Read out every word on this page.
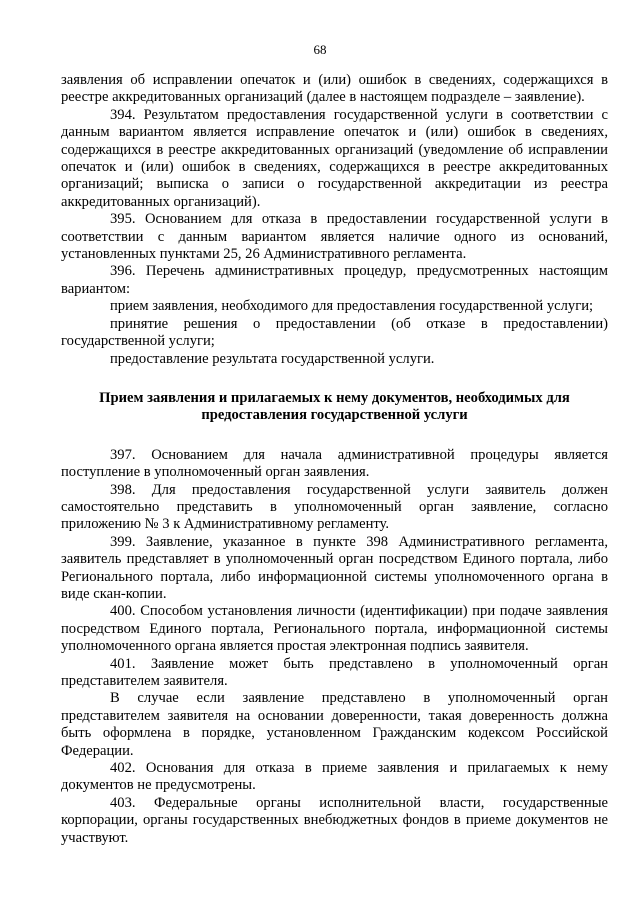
68

заявления об исправлении опечаток и (или) ошибок в сведениях, содержащихся в реестре аккредитованных организаций (далее в настоящем подразделе – заявление).

394. Результатом предоставления государственной услуги в соответствии с данным вариантом является исправление опечаток и (или) ошибок в сведениях, содержащихся в реестре аккредитованных организаций (уведомление об исправлении опечаток и (или) ошибок в сведениях, содержащихся в реестре аккредитованных организаций; выписка о записи о государственной аккредитации из реестра аккредитованных организаций).

395. Основанием для отказа в предоставлении государственной услуги в соответствии с данным вариантом является наличие одного из оснований, установленных пунктами 25, 26 Административного регламента.

396. Перечень административных процедур, предусмотренных настоящим вариантом:

прием заявления, необходимого для предоставления государственной услуги;

принятие решения о предоставлении (об отказе в предоставлении) государственной услуги;

предоставление результата государственной услуги.

Прием заявления и прилагаемых к нему документов, необходимых для предоставления государственной услуги

397. Основанием для начала административной процедуры является поступление в уполномоченный орган заявления.

398. Для предоставления государственной услуги заявитель должен самостоятельно представить в уполномоченный орган заявление, согласно приложению № 3 к Административному регламенту.

399. Заявление, указанное в пункте 398 Административного регламента, заявитель представляет в уполномоченный орган посредством Единого портала, либо Регионального портала, либо информационной системы уполномоченного органа в виде скан-копии.

400. Способом установления личности (идентификации) при подаче заявления посредством Единого портала, Регионального портала, информационной системы уполномоченного органа является простая электронная подпись заявителя.

401. Заявление может быть представлено в уполномоченный орган представителем заявителя.

В случае если заявление представлено в уполномоченный орган представителем заявителя на основании доверенности, такая доверенность должна быть оформлена в порядке, установленном Гражданским кодексом Российской Федерации.

402. Основания для отказа в приеме заявления и прилагаемых к нему документов не предусмотрены.

403. Федеральные органы исполнительной власти, государственные корпорации, органы государственных внебюджетных фондов в приеме документов не участвуют.
